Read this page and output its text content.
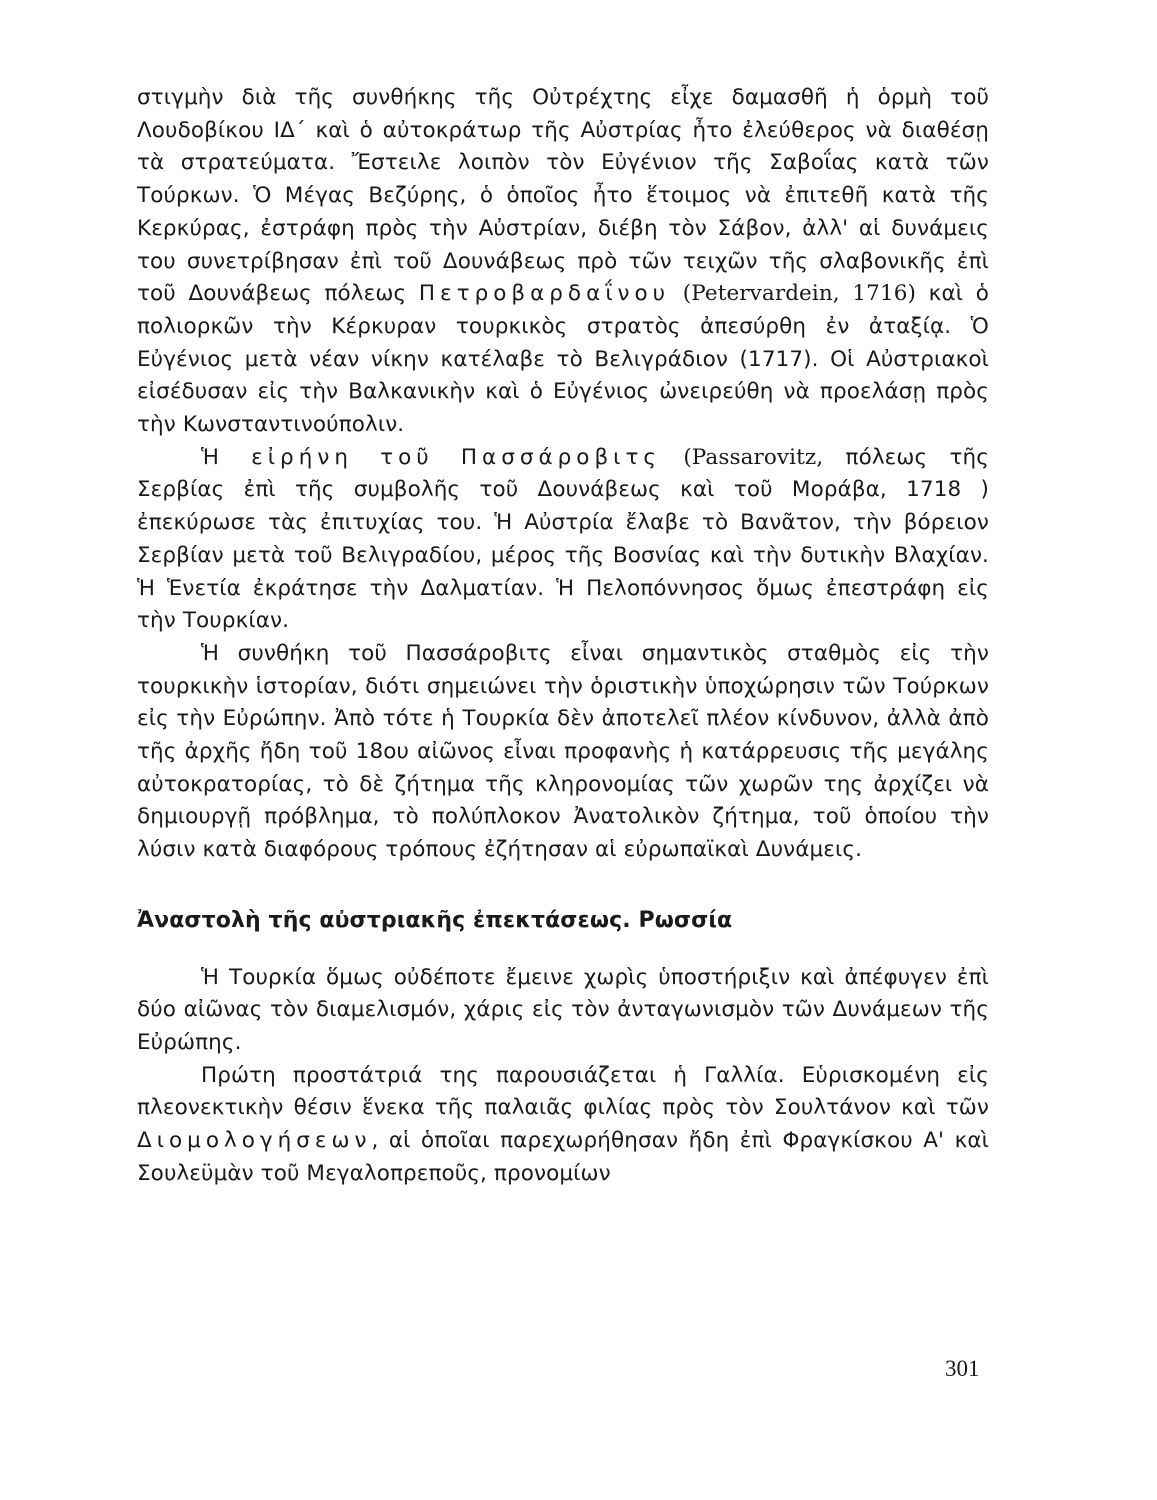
στιγμὴν διὰ τῆς συνθήκης τῆς Οὐτρέχτης εἶχε δαμασθῆ ἡ ὁρμὴ τοῦ Λουδοβίκου ΙΔ΄ καὶ ὁ αὐτοκράτωρ τῆς Αὐστρίας ἦτο ἐλεύθερος νὰ διαθέσῃ τὰ στρατεύματα. Ἔστειλε λοιπὸν τὸν Εὐγένιον τῆς Σαβοΐας κατὰ τῶν Τούρκων. Ὁ Μέγας Βεζύρης, ὁ ὁποῖος ἦτο ἕτοιμος νὰ ἐπιτεθῆ κατὰ τῆς Κερκύρας, ἐστράφη πρὸς τὴν Αὐστρίαν, διέβη τὸν Σάβον, ἀλλ' αἱ δυνάμεις του συνετρίβησαν ἐπὶ τοῦ Δουνάβεως πρὸ τῶν τειχῶν τῆς σλαβονικῆς ἐπὶ τοῦ Δουνάβεως πόλεως Πετροβαρδαΐνου (Petervardein, 1716) καὶ ὁ πολιορκῶν τὴν Κέρκυραν τουρκικὸς στρατὸς ἀπεσύρθη ἐν ἀταξίᾳ. Ὁ Εὐγένιος μετὰ νέαν νίκην κατέλαβε τὸ Βελιγράδιον (1717). Οἱ Αὐστριακοὶ εἰσέδυσαν εἰς τὴν Βαλκανικὴν καὶ ὁ Εὐγένιος ὠνειρεύθη νὰ προελάσῃ πρὸς τὴν Κωνσταντινούπολιν.

Ἡ εἰρήνη τοῦ Πασσάροβιτς (Passarovitz, πόλεως τῆς Σερβίας ἐπὶ τῆς συμβολῆς τοῦ Δουνάβεως καὶ τοῦ Μοράβα, 1718 ) ἐπεκύρωσε τὰς ἐπιτυχίας του. Ἡ Αὐστρία ἔλαβε τὸ Βανᾶτον, τὴν βόρειον Σερβίαν μετὰ τοῦ Βελιγραδίου, μέρος τῆς Βοσνίας καὶ τὴν δυτικὴν Βλαχίαν. Ἡ Ἑνετία ἐκράτησε τὴν Δαλματίαν. Ἡ Πελοπόννησος ὅμως ἐπεστράφη εἰς τὴν Τουρκίαν.

Ἡ συνθήκη τοῦ Πασσάροβιτς εἶναι σημαντικὸς σταθμὸς εἰς τὴν τουρκικὴν ἱστορίαν, διότι σημειώνει τὴν ὁριστικὴν ὑποχώρησιν τῶν Τούρκων εἰς τὴν Εὐρώπην. Ἀπὸ τότε ἡ Τουρκία δὲν ἀποτελεῖ πλέον κίνδυνον, ἀλλὰ ἀπὸ τῆς ἀρχῆς ἤδη τοῦ 18ου αἰῶνος εἶναι προφανὴς ἡ κατάρρευσις τῆς μεγάλης αὐτοκρατορίας, τὸ δὲ ζήτημα τῆς κληρονομίας τῶν χωρῶν της ἀρχίζει νὰ δημιουργῇ πρόβλημα, τὸ πολύπλοκον Ἀνατολικὸν ζήτημα, τοῦ ὁποίου τὴν λύσιν κατὰ διαφόρους τρόπους ἐζήτησαν αἱ εὐρωπαϊκαὶ Δυνάμεις.

Ἀναστολὴ τῆς αὐστριακῆς ἐπεκτάσεως. Ρωσσία

Ἡ Τουρκία ὅμως οὐδέποτε ἔμεινε χωρὶς ὑποστήριξιν καὶ ἀπέφυγεν ἐπὶ δύο αἰῶνας τὸν διαμελισμόν, χάρις εἰς τὸν ἀνταγωνισμὸν τῶν Δυνάμεων τῆς Εὐρώπης.

Πρώτη προστάτριά της παρουσιάζεται ἡ Γαλλία. Εὑρισκομένη εἰς πλεονεκτικὴν θέσιν ἕνεκα τῆς παλαιᾶς φιλίας πρὸς τὸν Σουλτάνον καὶ τῶν Διομολογήσεων, αἱ ὁποῖαι παρεχωρήθησαν ἤδη ἐπὶ Φραγκίσκου Α' καὶ Σουλεϋμὰν τοῦ Μεγαλοπρεποῦς, προνομίων

301
